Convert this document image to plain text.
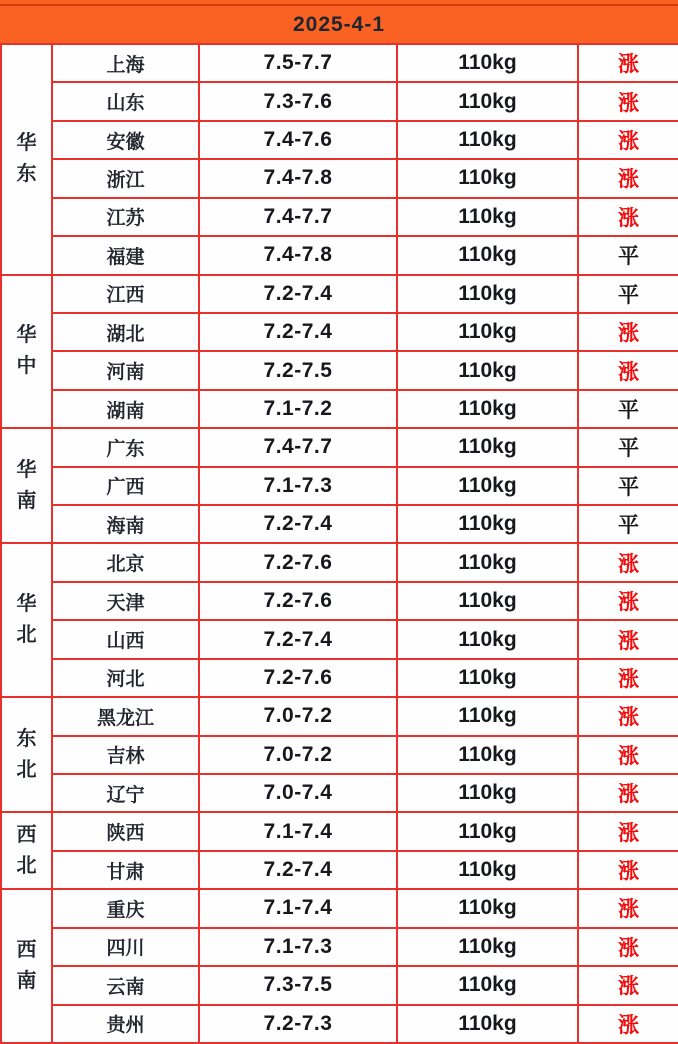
2025-4-1
华东	上海	7.5-7.7	110kg	涨
	山东	7.3-7.6	110kg	涨
	安徽	7.4-7.6	110kg	涨
	浙江	7.4-7.8	110kg	涨
	江苏	7.4-7.7	110kg	涨
	福建	7.4-7.8	110kg	平

华中	江西	7.2-7.4	110kg	平
	湖北	7.2-7.4	110kg	涨
	河南	7.2-7.5	110kg	涨
	湖南	7.1-7.2	110kg	平

华南	广东	7.4-7.7	110kg	平
	广西	7.1-7.3	110kg	平
	海南	7.2-7.4	110kg	平

华北	北京	7.2-7.6	110kg	涨
	天津	7.2-7.6	110kg	涨
	山西	7.2-7.4	110kg	涨
	河北	7.2-7.6	110kg	涨

东北	黑龙江	7.0-7.2	110kg	涨
	吉林	7.0-7.2	110kg	涨
	辽宁	7.0-7.4	110kg	涨

西北	陕西	7.1-7.4	110kg	涨
	甘肃	7.2-7.4	110kg	涨

西南	重庆	7.1-7.4	110kg	涨
	四川	7.1-7.3	110kg	涨
	云南	7.3-7.5	110kg	涨
	贵州	7.2-7.3	110kg	涨
